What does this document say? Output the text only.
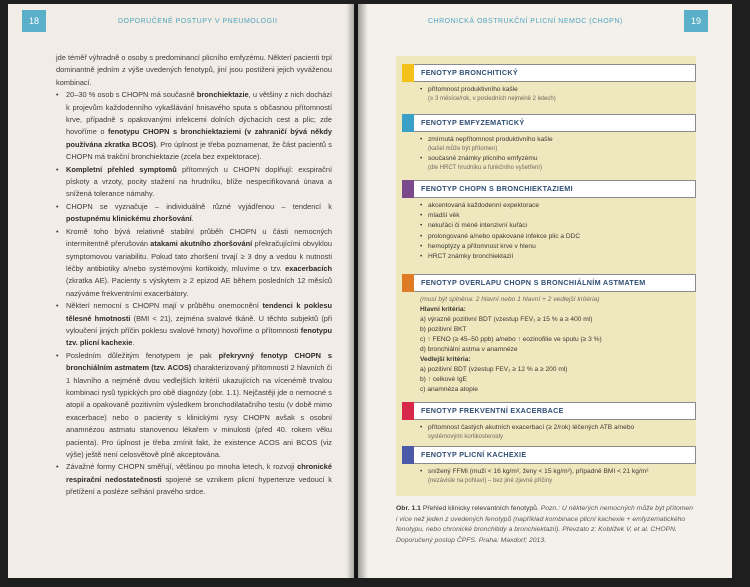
18	DOPORUČENÉ POSTUPY V PNEUMOLOGII

jde téměř výhradně o osoby s predominancí plicního emfyzému. Některí pacienti trpí dominantně jedním z výše uvedených fenotypů, jiní jsou postiženi jejich vyváženou kombinací.

• 20–30 % osob s CHOPN má současně bronchiektazie, u většiny z nich dochází k projevům každodenního vykašlávání hnisavého sputa s občasnou přítomností krve, případně s opakovanými infekcemi dolních dýchacích cest a plic; zde hovoříme o fenotypu CHOPN s bronchiektaziemi (v zahraničí bývá někdy používána zkratka BCOS). Pro úplnost je třeba poznamenat, že část pacientů s CHOPN má trakční bronchiektazie (zcela bez expektorace).
• Kompletní přehled symptomů přítomných u CHOPN doplňují: exspirační pískoty a vrzoty, pocity stažení na hrudníku, blíže nespecifikovaná únava a snížená tolerance námahy.
• CHOPN se vyznačuje – individuálně různé vyjádřenou – tendencí k postupnému klinickému zhoršování.
• Kromě toho bývá relativně stabilní průběh CHOPN u části nemocných intermitentně přerušován atakami akutního zhoršování překračujícími obvyklou symptomovou variabilitu. Pokud tato zhoršení trvají ≥ 3 dny a vedou k nutnosti léčby antibiotiky a/nebo systémovými kortikoidy, mluvíme o tzv. exacerbacích (zkratka AE). Pacienty s výskytem ≥ 2 epizod AE během posledních 12 měsíců nazýváme frekventními exacerbátory.
• Některí nemocní s CHOPN mají v průběhu onemocnění tendenci k poklesu tělesné hmotnosti (BMI < 21), zejména svalové tkáně. U těchto subjektů (při vyloučení jiných příčin poklesu svalové hmoty) hovoříme o přítomnosti fenotypu tzv. plicní kachexie.
• Posledním důležitým fenotypem je pak překryvný fenotyp CHOPN s bronchiálním astmatem (tzv. ACOS) charakterizovaný přítomností 2 hlavních či 1 hlavního a nejméně dvou vedlejších kritérií ukazujících na vícenémě trvalou kombinaci rysů typických pro obě diagnózy (obr. 1.1). Nejčastěji jde o nemocné s atopií a opakovaně pozitivním výsledkem bronchodilatačního testu (v době mimo exacerbace) nebo o pacienty s klinickými rysy CHOPN avšak s osobní anamnézou astmatu stanovenou lékařem v minulosti (před 40. rokem věku pacienta). Pro úplnost je třeba zmínit fakt, že existence ACOS ani BCOS (viz výše) ještě není celosvětově plně akceptována.
• Závažné formy CHOPN směřují, většinou po mnoha letech, k rozvoji chronické respirační nedostatečnosti spojené se vznikem plicní hypertenze vedoucí k přetížení a posléze selhání pravého srdce.
19
CHRONICKÁ OBSTRUKČNÍ PLICNÍ NEMOC (CHOPN)
FENOTYP BRONCHITICKÝ
• přítomnost produktivního kašle
(≥ 3 měsíce/rok, v posledních nejméně 2 letech)
FENOTYP EMFYZEMATICKÝ
• zmírnutá nepřítomnost produktivního kašle
(kašel může být přítomen)
• současné známky plicního emfyzému
(dle HRCT hrudníku a funkčního vyšetření)
FENOTYP CHOPN S BRONCHIEKTAZIEMI
• akcentovaná každodenní expektorace
• mladší věk
• nekuřáci či méně intenzivní kuřáci
• prolongované a/nebo opakované infekce plic a DDC
• hemoptýzy a přítomnost krve v hlenu
• HRCT známky bronchiektazií
FENOTYP OVERLAPU CHOPN S BRONCHIÁLNÍM ASTMATEM
(musí být splněna: 2 hlavní nebo 1 hlavní + 2 vedlejší kritéria)
Hlavní kritéria:
a) výrazně pozitivní BDT (vzestup FEV₁ ≥ 15 % a ≥ 400 ml)
b) pozitivní BKT
c) ↑ FENO (≥ 45–50 ppb) a/nebo ↑ eozinofilie ve sputu (≥ 3 %)
d) bronchiální astma v anamnéze
Vedlejší kritéria:
a) pozitivní BDT (vzestup FEV₁ ≥ 12 % a ≥ 200 ml)
b) ↑ celkové IgE
c) anamnéza atopie
FENOTYP FREKVENTNÍ EXACERBACE
• přítomnost častých akutních exacerbací (≥ 2/rok) léčených ATB a/nebo
systémovými kortikosteroidy
FENOTYP PLICNÍ KACHEXIE
• snížený FFMI (muži < 16 kg/m², ženy < 15 kg/m²), případně BMI < 21 kg/m²
(nezávisle na pohlaví) – bez jiné zjevné příčiny
Obr. 1.1 Přehled klinicky relevantních fenotypů. Pozn.: U některých nemocných může být přítomen i více než jeden z uvedených fenotypů (například kombinace plicní kachexie + emfyzematického fenotypu, nebo chronické bronchitidy a bronchiektazií). Převzato z: Koblížek V, et al. CHOPN. Doporučený postup ČPFS. Praha: Maxdorf; 2013.
